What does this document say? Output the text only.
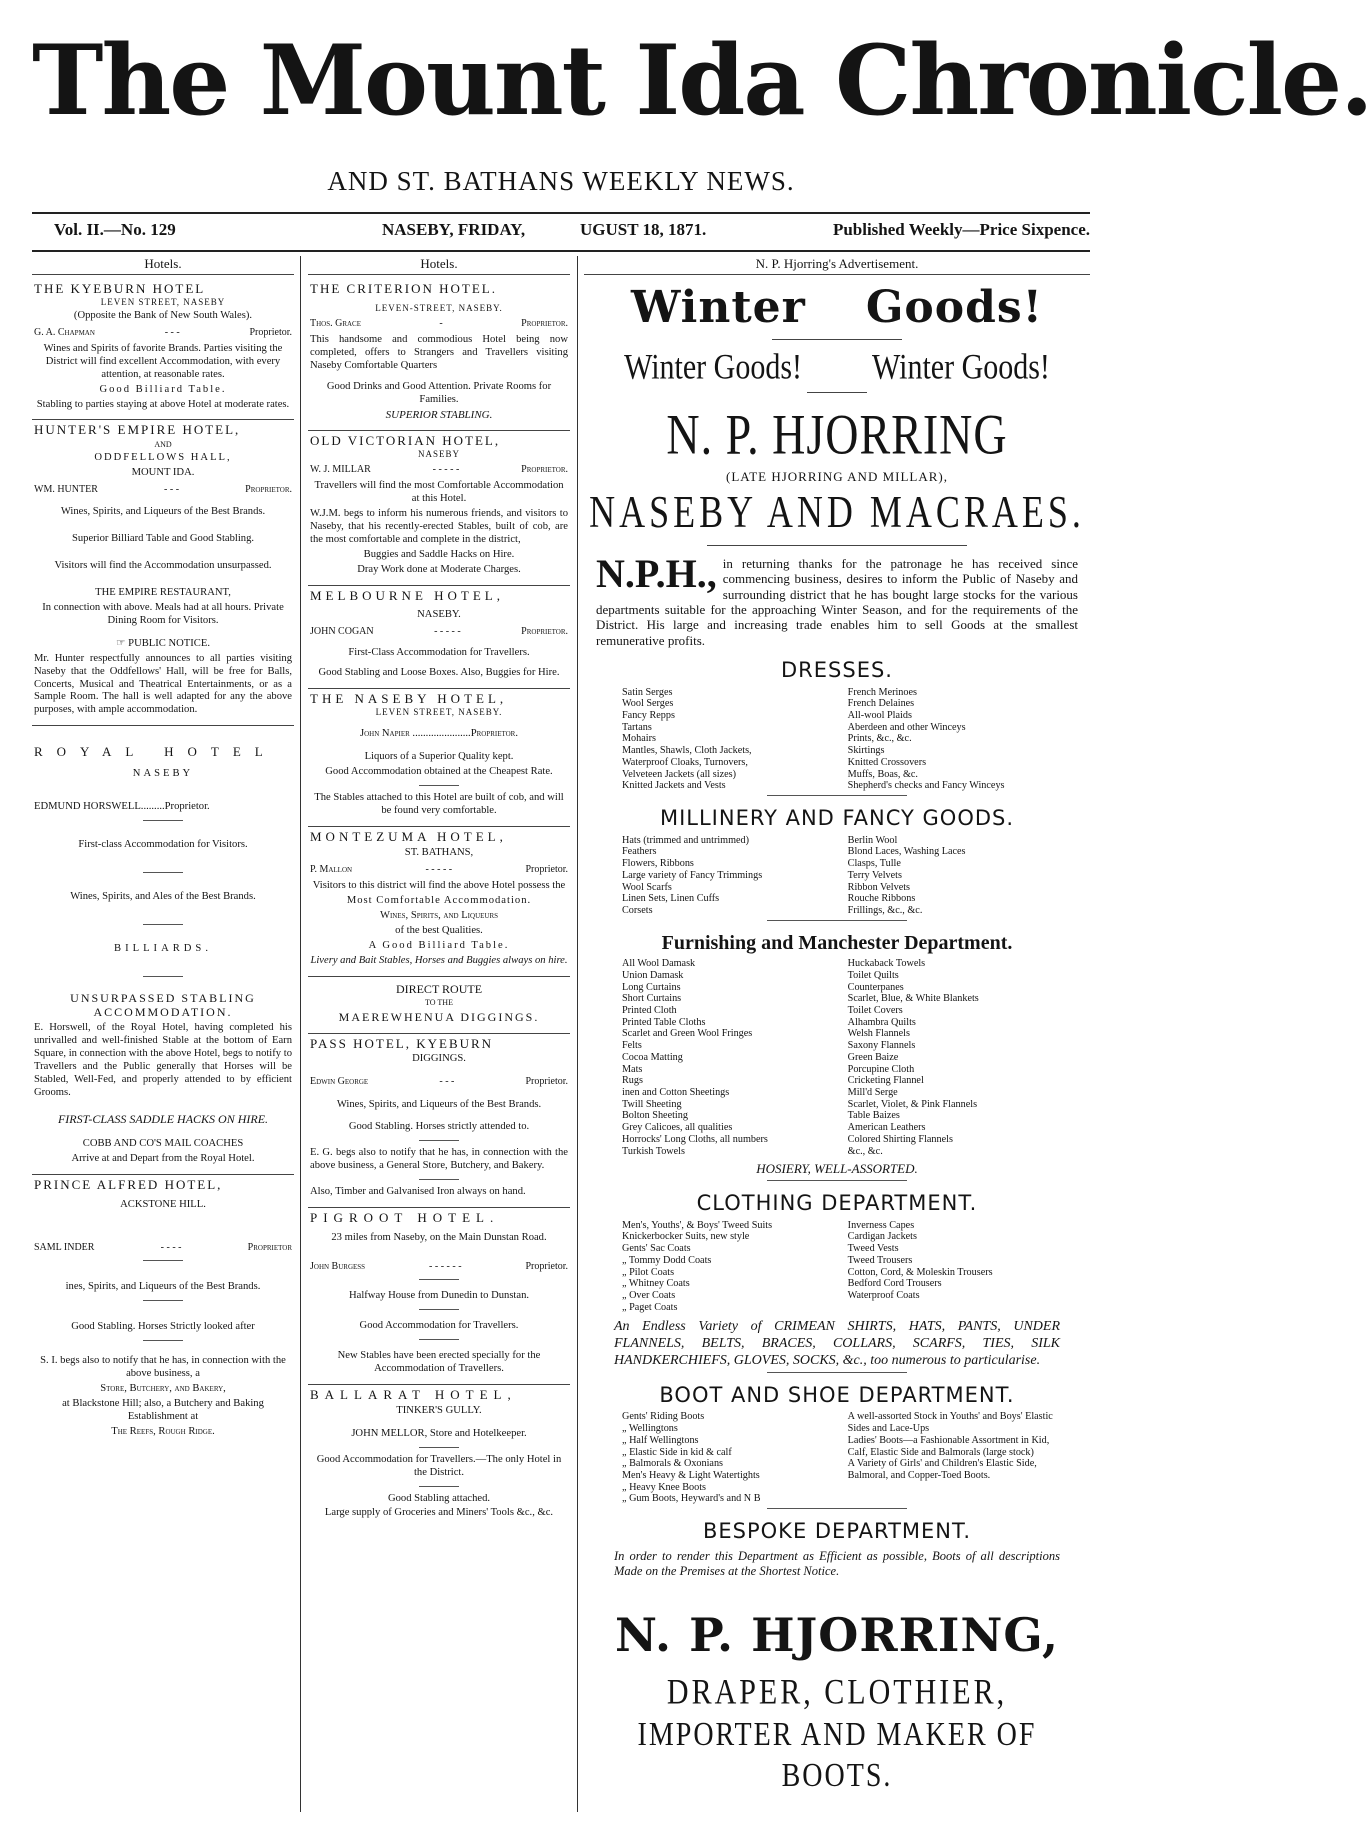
The Mount Ida Chronicle.
AND ST. BATHANS WEEKLY NEWS.
Vol. II.—No. 129	NASEBY, FRIDAY,	UGUST 18, 1871.	Published Weekly—Price Sixpence.
Hotels.
THE KYEBURN HOTEL
LEVEN STREET, NASEBY

(Opposite the Bank of New South Wales).

G. A. Chapman	- - -	Proprietor.

Wines and Spirits of favorite Brands. Parties visiting the District will find excellent Accommodation, with every attention, at reasonable rates.

Good Billiard Table.

Stabling to parties staying at above Hotel at moderate rates.

HUNTER'S EMPIRE HOTEL,

AND

ODDFELLOWS HALL,

MOUNT IDA.

WM. HUNTER	- - -	Proprietor.

Wines, Spirits, and Liqueurs of the Best Brands.

Superior Billiard Table and Good Stabling.

Visitors will find the Accommodation unsurpassed.

THE EMPIRE RESTAURANT,

In connection with above. Meals had at all hours. Private Dining Room for Visitors.

☞ PUBLIC NOTICE.

Mr. Hunter respectfully announces to all parties visiting Naseby that the Oddfellows' Hall, will be free for Balls, Concerts, Musical and Theatrical Entertainments, or as a Sample Room. The hall is well adapted for any the above purposes, with ample accommodation.

ROYAL HOTEL

NASEBY

EDMUND HORSWELL.........Proprietor.

First-class Accommodation for Visitors.

Wines, Spirits, and Ales of the Best Brands.

BILLIARDS.

UNSURPASSED STABLING ACCOMMODATION.

E. Horswell, of the Royal Hotel, having completed his unrivalled and well-finished Stable at the bottom of Earn Square, in connection with the above Hotel, begs to notify to Travellers and the Public generally that Horses will be Stabled, Well-Fed, and properly attended to by efficient Grooms.

FIRST-CLASS SADDLE HACKS ON HIRE.

COBB AND CO'S MAIL COACHES

Arrive at and Depart from the Royal Hotel.

PRINCE ALFRED HOTEL,

ACKSTONE HILL.

SAML INDER	- - - -	Proprietor

ines, Spirits, and Liqueurs of the Best Brands.

Good Stabling. Horses Strictly looked after

S. I. begs also to notify that he has, in connection with the above business, a

Store, Butchery, and Bakery,

at Blackstone Hill; also, a Butchery and Baking Establishment at

The Reefs, Rough Ridge.

Hotels.
THE CRITERION HOTEL.
LEVEN-STREET, NASEBY.
Thos. Grace	-	Proprietor.

This handsome and commodious Hotel being now completed, offers to Strangers and Travellers visiting Naseby Comfortable Quarters

Good Drinks and Good Attention. Private Rooms for Families.

SUPERIOR STABLING.

OLD VICTORIAN HOTEL,
NASEBY
W. J. MILLAR	- - - - -	Proprietor.

Travellers will find the most Comfortable Accommodation at this Hotel.

W.J.M. begs to inform his numerous friends, and visitors to Naseby, that his recently-erected Stables, built of cob, are the most comfortable and complete in the district,

Buggies and Saddle Hacks on Hire.

Dray Work done at Moderate Charges.

MELBOURNE HOTEL,

NASEBY.

JOHN COGAN	- - - - -	Proprietor.

First-Class Accommodation for Travellers.

Good Stabling and Loose Boxes. Also, Buggies for Hire.

THE NASEBY HOTEL,
LEVEN STREET, NASEBY.

John Napier ......................Proprietor.

Liquors of a Superior Quality kept.

Good Accommodation obtained at the Cheapest Rate.

The Stables attached to this Hotel are built of cob, and will be found very comfortable.

MONTEZUMA HOTEL,

ST. BATHANS,

P. Mallon	- - - - -	Proprietor.

Visitors to this district will find the above Hotel possess the

Most Comfortable Accommodation.

Wines, Spirits, and Liqueurs

of the best Qualities.

A Good Billiard Table.

Livery and Bait Stables, Horses and Buggies always on hire.

DIRECT ROUTE

TO THE

MAEREWHENUA DIGGINGS.

PASS HOTEL, KYEBURN

DIGGINGS.

Edwin George	- - -	Proprietor.

Wines, Spirits, and Liqueurs of the Best Brands.

Good Stabling. Horses strictly attended to.

E. G. begs also to notify that he has, in connection with the above business, a General Store, Butchery, and Bakery.

Also, Timber and Galvanised Iron always on hand.

PIGROOT HOTEL.

23 miles from Naseby, on the Main Dunstan Road.

John Burgess	- - - - - -	Proprietor.

Halfway House from Dunedin to Dunstan.

Good Accommodation for Travellers.

New Stables have been erected specially for the Accommodation of Travellers.

BALLARAT HOTEL,

TINKER'S GULLY.

JOHN MELLOR, Store and Hotelkeeper.

Good Accommodation for Travellers.—The only Hotel in the District.

Good Stabling attached.

Large supply of Groceries and Miners' Tools &c., &c.

N. P. Hjorring's Advertisement.
Winter Goods!
Winter Goods! Winter Goods!
N. P. HJORRING
(LATE HJORRING AND MILLAR),
NASEBY AND MACRAES.
N.P.H., in returning thanks for the patronage he has received since commencing business, desires to inform the Public of Naseby and surrounding district that he has bought large stocks for the various departments suitable for the approaching Winter Season, and for the requirements of the District. His large and increasing trade enables him to sell Goods at the smallest remunerative profits.
DRESSES.
Satin Serges
Wool Serges
Fancy Repps
Tartans
Mohairs
Mantles, Shawls, Cloth Jackets,
Waterproof Cloaks, Turnovers,
Velveteen Jackets (all sizes)
Knitted Jackets and Vests
French Merinoes
French Delaines
All-wool Plaids
Aberdeen and other Winceys
Prints, &c., &c.
Skirtings
Knitted Crossovers
Muffs, Boas, &c.
Shepherd's checks and Fancy Winceys
MILLINERY AND FANCY GOODS.
Hats (trimmed and untrimmed)
Feathers
Flowers, Ribbons
Large variety of Fancy Trimmings
Wool Scarfs
Linen Sets, Linen Cuffs
Corsets
Berlin Wool
Blond Laces, Washing Laces
Clasps, Tulle
Terry Velvets
Ribbon Velvets
Rouche Ribbons
Frillings, &c., &c.
Furnishing and Manchester Department.
All Wool Damask
Union Damask
Long Curtains
Short Curtains
Printed Cloth
Printed Table Cloths
Scarlet and Green Wool Fringes
Felts
Cocoa Matting
Mats
Rugs
inen and Cotton Sheetings
Twill Sheeting
Bolton Sheeting
Grey Calicoes, all qualities
Horrocks' Long Cloths, all numbers
Turkish Towels
Huckaback Towels
Toilet Quilts
Counterpanes
Scarlet, Blue, & White Blankets
Toilet Covers
Alhambra Quilts
Welsh Flannels
Saxony Flannels
Green Baize
Porcupine Cloth
Cricketing Flannel
Mill'd Serge
Scarlet, Violet, & Pink Flannels
Table Baizes
American Leathers
Colored Shirting Flannels
&c., &c.
HOSIERY, WELL-ASSORTED.
CLOTHING DEPARTMENT.
Men's, Youths', & Boys' Tweed Suits
Knickerbocker Suits, new style
Gents' Sac Coats
„ Tommy Dodd Coats
„ Pilot Coats
„ Whitney Coats
„ Over Coats
„ Paget Coats
Inverness Capes
Cardigan Jackets
Tweed Vests
Tweed Trousers
Cotton, Cord, & Moleskin Trousers
Bedford Cord Trousers
Waterproof Coats
An Endless Variety of CRIMEAN SHIRTS, HATS, PANTS, UNDER FLANNELS, BELTS, BRACES, COLLARS, SCARFS, TIES, SILK HANDKERCHIEFS, GLOVES, SOCKS, &c., too numerous to particularise.
BOOT AND SHOE DEPARTMENT.
Gents' Riding Boots
„ Wellingtons
„ Half Wellingtons
„ Elastic Side in kid & calf
„ Balmorals & Oxonians
Men's Heavy & Light Watertights
„ Heavy Knee Boots
„ Gum Boots, Heyward's and N B
A well-assorted Stock in Youths' and Boys' Elastic Sides and Lace-Ups
Ladies' Boots—a Fashionable Assortment in Kid, Calf, Elastic Side and Balmorals (large stock)
A Variety of Girls' and Children's Elastic Side, Balmoral, and Copper-Toed Boots.
BESPOKE DEPARTMENT.
In order to render this Department as Efficient as possible, Boots of all descriptions Made on the Premises at the Shortest Notice.
N. P. HJORRING,
DRAPER, CLOTHIER,
IMPORTER AND MAKER OF BOOTS.
